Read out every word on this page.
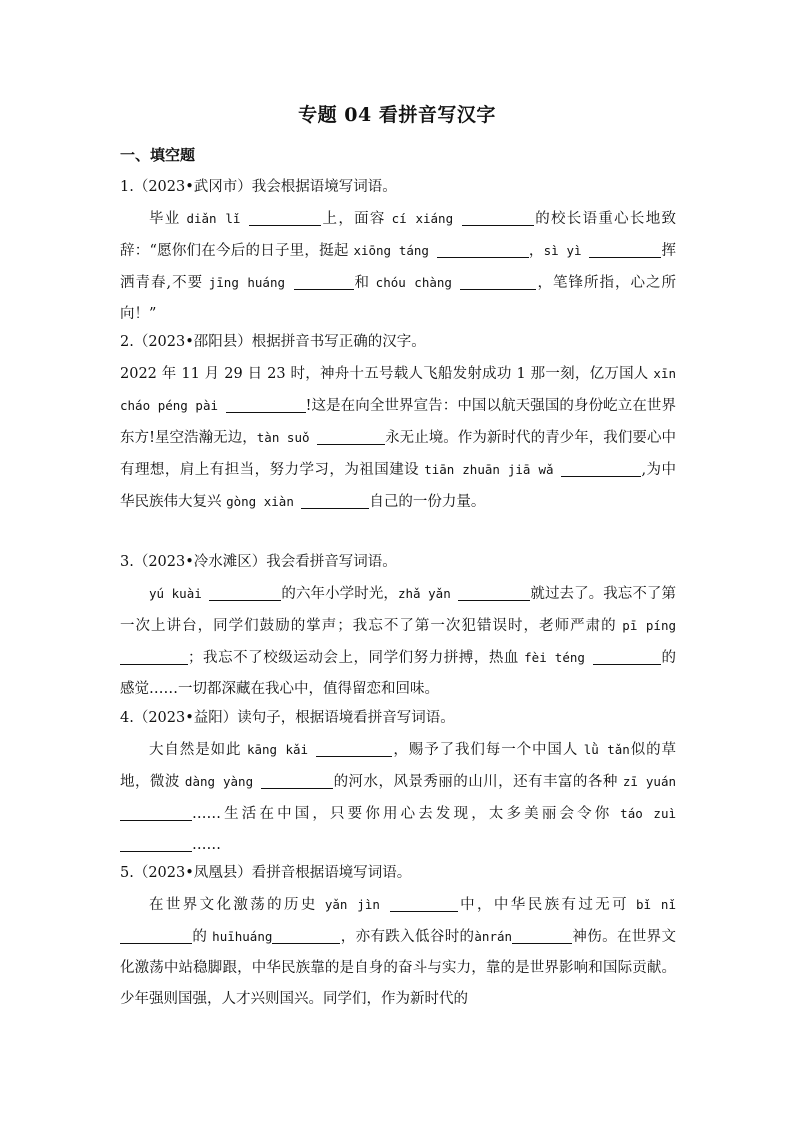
专题 04 看拼音写汉字
一、填空题
1.（2023•武冈市）我会根据语境写词语。
毕业 diǎn lǐ	上，面容 cí xiáng	的校长语重心长地致辞：“愿你们在今后的日子里，挺起 xiōng táng	，sì yì	挥洒青春,不要 jīng huáng	和 chóu chàng	，笔锋所指，心之所向！”
2.（2023•邵阳县）根据拼音书写正确的汉字。
2022 年 11 月 29 日 23 时，神舟十五号载人飞船发射成功 1 那一刻，亿万国人 xīn cháo péng pài	!这是在向全世界宣告：中国以航天强国的身份屹立在世界东方!星空浩瀚无边，tàn suǒ	永无止境。作为新时代的青少年，我们要心中有理想，肩上有担当，努力学习，为祖国建设 tiān zhuān jiā wǎ	,为中华民族伟大复兴 gòng xiàn	自己的一份力量。
3.（2023•冷水滩区）我会看拼音写词语。
yú kuài	的六年小学时光，zhǎ yǎn	就过去了。我忘不了第一次上讲台，同学们鼓励的掌声；我忘不了第一次犯错误时，老师严肃的 pī píng ；我忘不了校级运动会上，同学们努力拼搏，热血 fèi téng	的感觉……一切都深藏在我心中，值得留恋和回味。
4.（2023•益阳）读句子，根据语境看拼音写词语。
大自然是如此 kāng kǎi	，赐予了我们每一个中国人 lǜ tǎn似的草地，微波 dàng yàng	的河水，风景秀丽的山川，还有丰富的各种 zī yuán ……生活在中国，只要你用心去发现，太多美丽会令你 táo zuì ……
5.（2023•凤凰县）看拼音根据语境写词语。
在世界文化激荡的历史 yǎn jìn	中，中华民族有过无可 bǐ nǐ 的 huīhuáng	，亦有跌入低谷时的ànrán	神伤。在世界文化激荡中站稳脚跟，中华民族靠的是自身的奋斗与实力，靠的是世界影响和国际贡献。少年强则国强，人才兴则国兴。同学们，作为新时代的
